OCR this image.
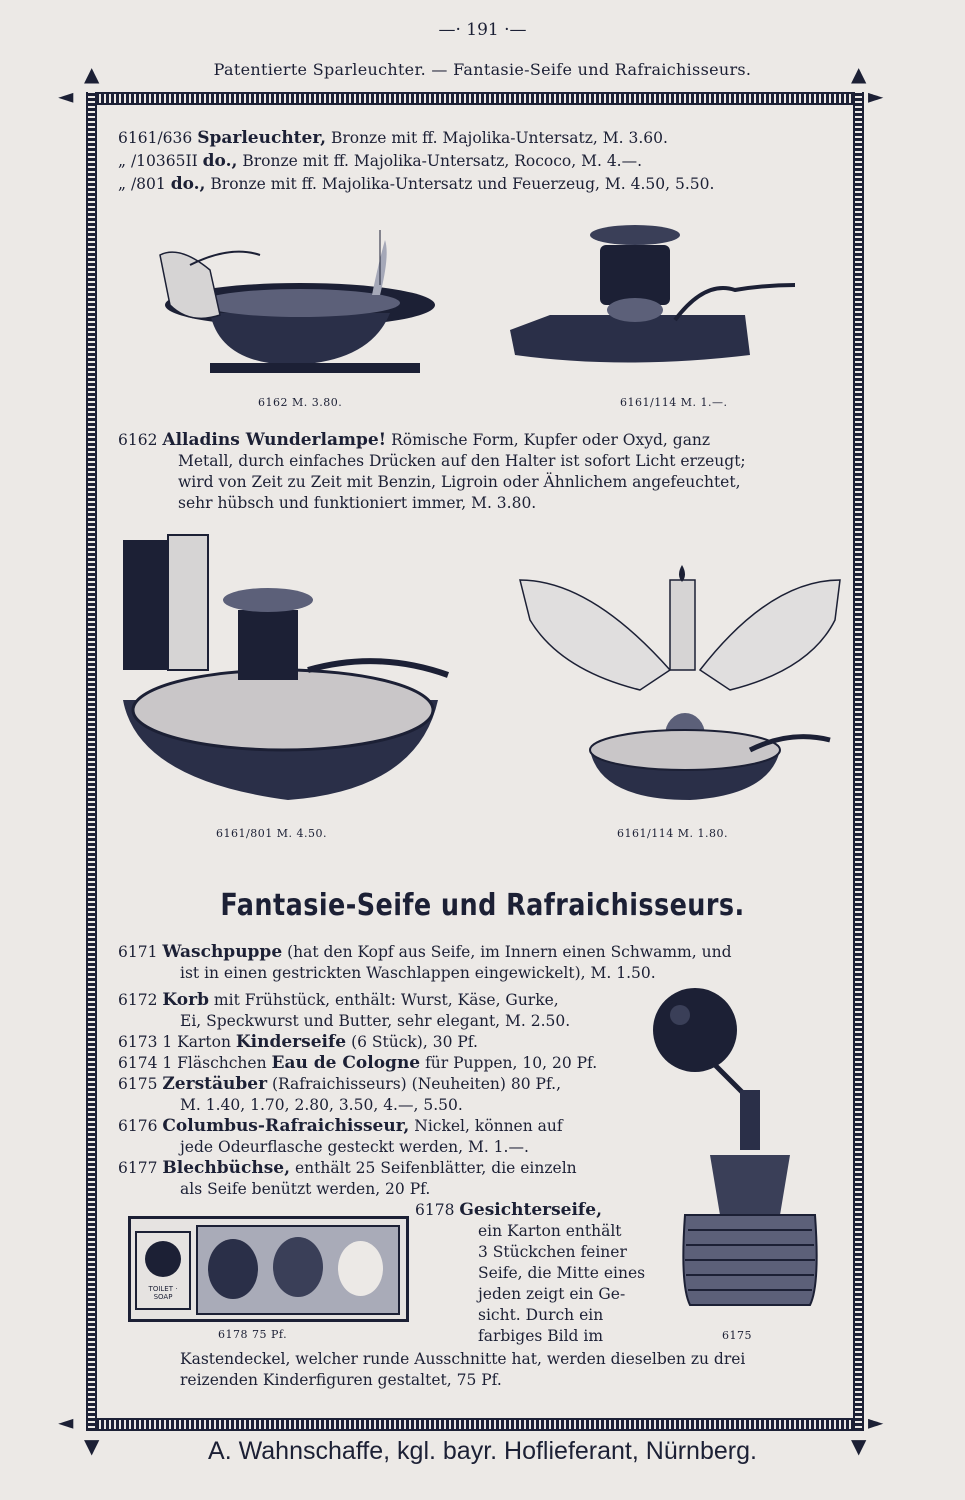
—· 191 ·—
Patentierte Sparleuchter. — Fantasie-Seife und Rafraichisseurs.
◄	►
◄	►
▲	▲
▼	▼
6161/636 Sparleuchter, Bronze mit ff. Majolika-Untersatz, M. 3.60.
„ /10365II do., Bronze mit ff. Majolika-Untersatz, Rococo, M. 4.—.
„ /801 do., Bronze mit ff. Majolika-Untersatz und Feuerzeug, M. 4.50, 5.50.
6162 M. 3.80.	6161/114 M. 1.—.
6162 Alladins Wunderlampe! Römische Form, Kupfer oder Oxyd, ganz
Metall, durch einfaches Drücken auf den Halter ist sofort Licht erzeugt;
wird von Zeit zu Zeit mit Benzin, Ligroin oder Ähnlichem angefeuchtet,
sehr hübsch und funktioniert immer, M. 3.80.
6161/801 M. 4.50.	6161/114 M. 1.80.
Fantasie-Seife und Rafraichisseurs.
6171 Waschpuppe (hat den Kopf aus Seife, im Innern einen Schwamm, und
ist in einen gestrickten Waschlappen eingewickelt), M. 1.50.
6172 Korb mit Frühstück, enthält: Wurst, Käse, Gurke,
Ei, Speckwurst und Butter, sehr elegant, M. 2.50.
6173 1 Karton Kinderseife (6 Stück), 30 Pf.
6174 1 Fläschchen Eau de Cologne für Puppen, 10, 20 Pf.
6175 Zerstäuber (Rafraichisseurs) (Neuheiten) 80 Pf.,
M. 1.40, 1.70, 2.80, 3.50, 4.—, 5.50.
6176 Columbus-Rafraichisseur, Nickel, können auf
jede Odeurflasche gesteckt werden, M. 1.—.
6177 Blechbüchse, enthält 25 Seifenblätter, die einzeln
als Seife benützt werden, 20 Pf.
6178 Gesichterseife,
ein Karton enthält
3 Stückchen feiner
Seife, die Mitte eines
jeden zeigt ein Ge-
sicht. Durch ein
farbiges Bild im
Kastendeckel, welcher runde Ausschnitte hat, werden dieselben zu drei
reizenden Kinderfiguren gestaltet, 75 Pf.
6175
TOILET · SOAP
6178 75 Pf.
A. Wahnschaffe, kgl. bayr. Hoflieferant, Nürnberg.
